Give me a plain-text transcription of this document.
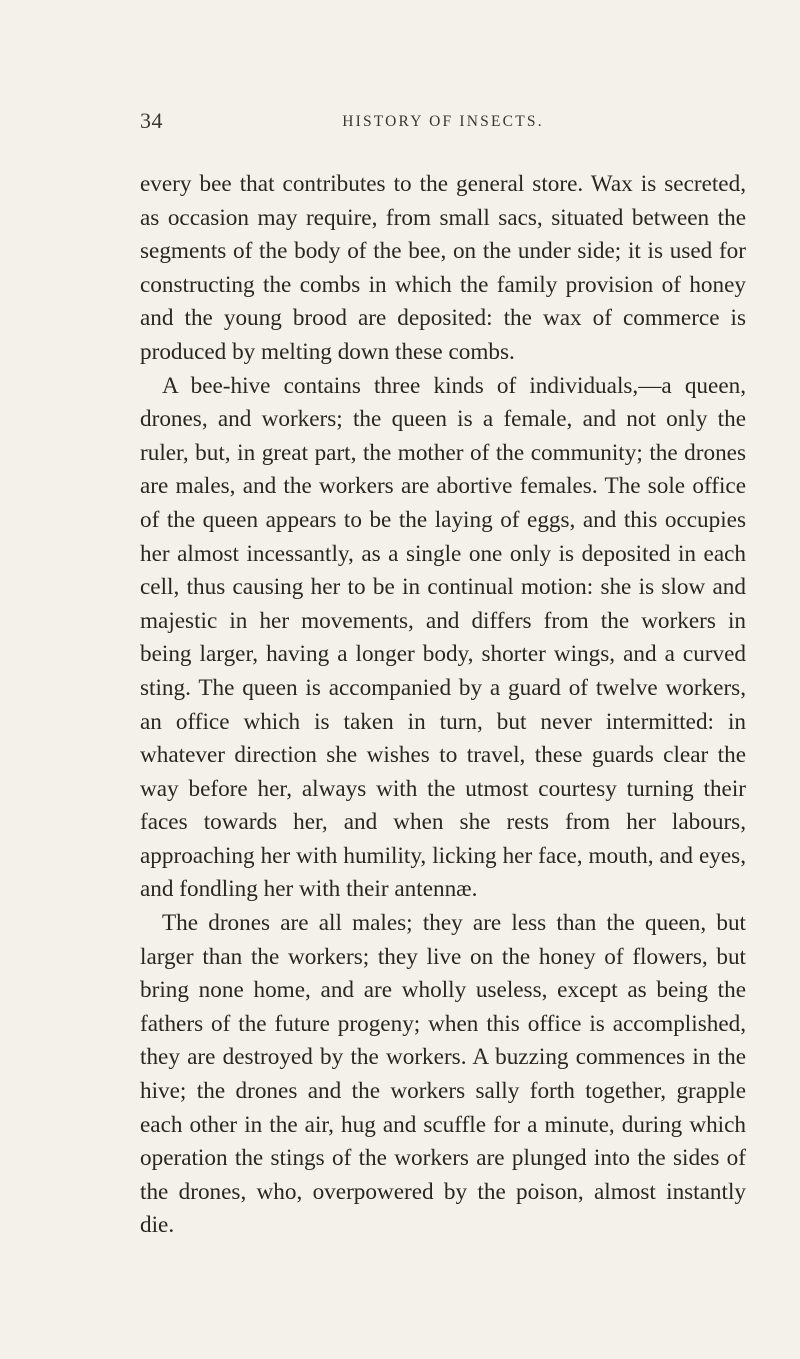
34	HISTORY OF INSECTS.

every bee that contributes to the general store. Wax is secreted, as occasion may require, from small sacs, situated between the segments of the body of the bee, on the under side; it is used for constructing the combs in which the family provision of honey and the young brood are deposited: the wax of commerce is produced by melting down these combs.

A bee-hive contains three kinds of individuals,—a queen, drones, and workers; the queen is a female, and not only the ruler, but, in great part, the mother of the community; the drones are males, and the workers are abortive females. The sole office of the queen appears to be the laying of eggs, and this occupies her almost incessantly, as a single one only is deposited in each cell, thus causing her to be in continual motion: she is slow and majestic in her movements, and differs from the workers in being larger, having a longer body, shorter wings, and a curved sting. The queen is accompanied by a guard of twelve workers, an office which is taken in turn, but never intermitted: in whatever direction she wishes to travel, these guards clear the way before her, always with the utmost courtesy turning their faces towards her, and when she rests from her labours, approaching her with humility, licking her face, mouth, and eyes, and fondling her with their antennæ.

The drones are all males; they are less than the queen, but larger than the workers; they live on the honey of flowers, but bring none home, and are wholly useless, except as being the fathers of the future progeny; when this office is accomplished, they are destroyed by the workers. A buzzing commences in the hive; the drones and the workers sally forth together, grapple each other in the air, hug and scuffle for a minute, during which operation the stings of the workers are plunged into the sides of the drones, who, overpowered by the poison, almost instantly die.
